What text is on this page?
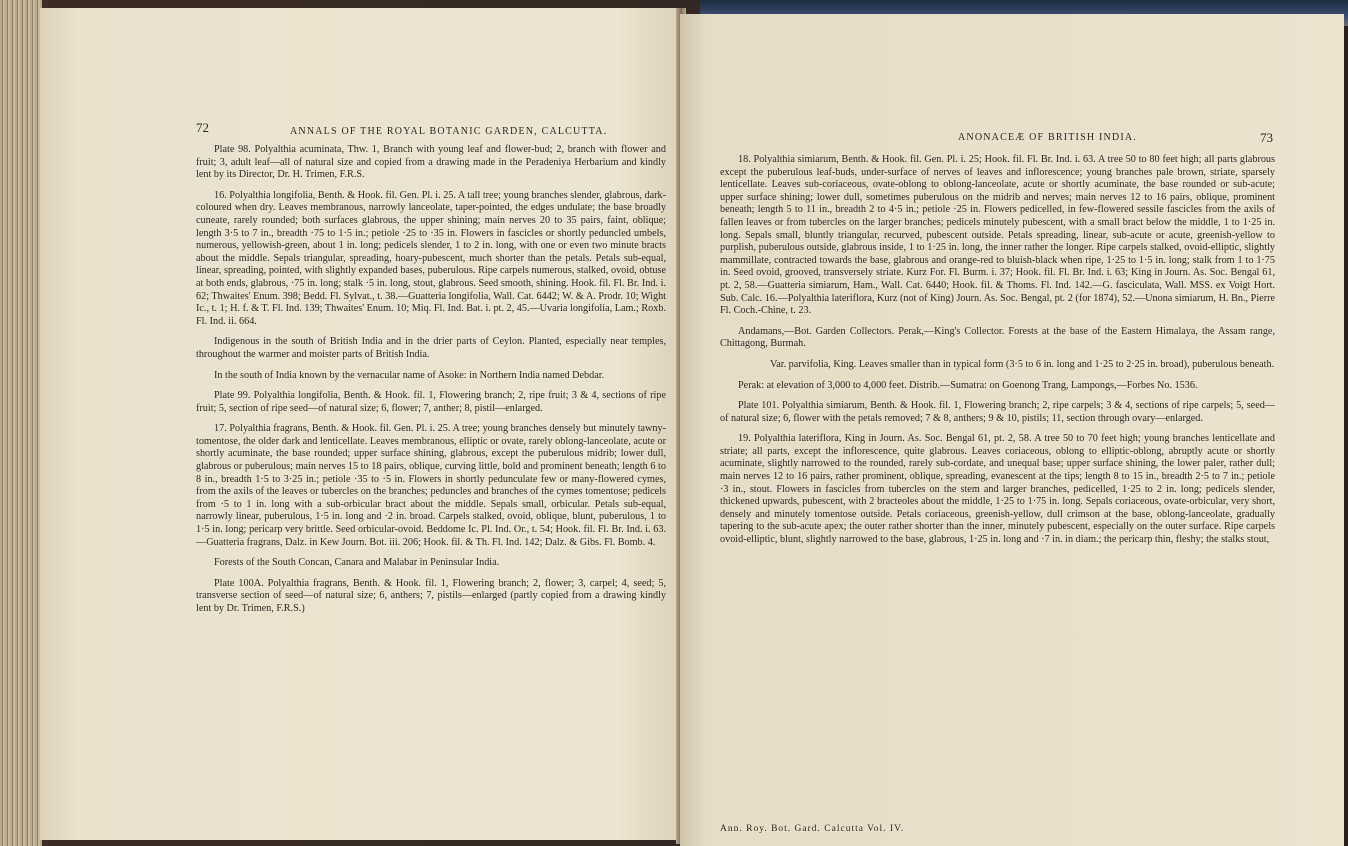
72	ANNALS OF THE ROYAL BOTANIC GARDEN, CALCUTTA.

Plate 98. Polyalthia acuminata, Thw. 1, Branch with young leaf and flower-bud; 2, branch with flower and fruit; 3, adult leaf—all of natural size and copied from a drawing made in the Peradeniya Herbarium and kindly lent by its Director, Dr. H. Trimen, F.R.S.

16. Polyalthia longifolia, Benth. & Hook. fil. Gen. Pl. i. 25. A tall tree; young branches slender, glabrous, dark-coloured when dry. Leaves membranous, narrowly lanceolate, taper-pointed, the edges undulate; the base broadly cuneate, rarely rounded; both surfaces glabrous, the upper shining; main nerves 20 to 35 pairs, faint, oblique; length 3·5 to 7 in., breadth ·75 to 1·5 in.; petiole ·25 to ·35 in. Flowers in fascicles or shortly peduncled umbels, numerous, yellowish-green, about 1 in. long; pedicels slender, 1 to 2 in. long, with one or even two minute bracts about the middle. Sepals triangular, spreading, hoary-pubescent, much shorter than the petals. Petals sub-equal, linear, spreading, pointed, with slightly expanded bases, puberulous. Ripe carpels numerous, stalked, ovoid, obtuse at both ends, glabrous, ·75 in. long; stalk ·5 in. long, stout, glabrous. Seed smooth, shining. Hook. fil. Fl. Br. Ind. i. 62; Thwaites' Enum. 398; Bedd. Fl. Sylvat., t. 38.—Guatteria longifolia, Wall. Cat. 6442; W. & A. Prodr. 10; Wight Ic., t. 1; H. f. & T. Fl. Ind. 139; Thwaites' Enum. 10; Miq. Fl. Ind. Bat. i. pt. 2, 45.—Uvaria longifolia, Lam.; Roxb. Fl. Ind. ii. 664.

Indigenous in the south of British India and in the drier parts of Ceylon. Planted, especially near temples, throughout the warmer and moister parts of British India.

In the south of India known by the vernacular name of Asoke: in Northern India named Debdar.

Plate 99. Polyalthia longifolia, Benth. & Hook. fil. 1, Flowering branch; 2, ripe fruit; 3 & 4, sections of ripe fruit; 5, section of ripe seed—of natural size; 6, flower; 7, anther; 8, pistil—enlarged.

17. Polyalthia fragrans, Benth. & Hook. fil. Gen. Pl. i. 25. A tree; young branches densely but minutely tawny-tomentose, the older dark and lenticellate. Leaves membranous, elliptic or ovate, rarely oblong-lanceolate, acute or shortly acuminate, the base rounded; upper surface shining, glabrous, except the puberulous midrib; lower dull, glabrous or puberulous; main nerves 15 to 18 pairs, oblique, curving little, bold and prominent beneath; length 6 to 8 in., breadth 1·5 to 3·25 in.; petiole ·35 to ·5 in. Flowers in shortly pedunculate few or many-flowered cymes, from the axils of the leaves or tubercles on the branches; peduncles and branches of the cymes tomentose; pedicels from ·5 to 1 in. long with a sub-orbicular bract about the middle. Sepals small, orbicular. Petals sub-equal, narrowly linear, puberulous, 1·5 in. long and ·2 in. broad. Carpels stalked, ovoid, oblique, blunt, puberulous, 1 to 1·5 in. long; pericarp very brittle. Seed orbicular-ovoid. Beddome Ic. Pl. Ind. Or., t. 54; Hook. fil. Fl. Br. Ind. i. 63.—Guatteria fragrans, Dalz. in Kew Journ. Bot. iii. 206; Hook. fil. & Th. Fl. Ind. 142; Dalz. & Gibs. Fl. Bomb. 4.

Forests of the South Concan, Canara and Malabar in Peninsular India.

Plate 100A. Polyalthia fragrans, Benth. & Hook. fil. 1, Flowering branch; 2, flower; 3, carpel; 4, seed; 5, transverse section of seed—of natural size; 6, anthers; 7, pistils—enlarged (partly copied from a drawing kindly lent by Dr. Trimen, F.R.S.)

ANONACEÆ OF BRITISH INDIA.	73

18. Polyalthia simiarum, Benth. & Hook. fil. Gen. Pl. i. 25; Hook. fil. Fl. Br. Ind. i. 63. A tree 50 to 80 feet high; all parts glabrous except the puberulous leaf-buds, under-surface of nerves of leaves and inflorescence; young branches pale brown, striate, sparsely lenticellate. Leaves sub-coriaceous, ovate-oblong to oblong-lanceolate, acute or shortly acuminate, the base rounded or sub-acute; upper surface shining; lower dull, sometimes puberulous on the midrib and nerves; main nerves 12 to 16 pairs, oblique, prominent beneath; length 5 to 11 in., breadth 2 to 4·5 in.; petiole ·25 in. Flowers pedicelled, in few-flowered sessile fascicles from the axils of fallen leaves or from tubercles on the larger branches; pedicels minutely pubescent, with a small bract below the middle, 1 to 1·25 in. long. Sepals small, bluntly triangular, recurved, pubescent outside. Petals spreading, linear, sub-acute or acute, greenish-yellow to purplish, puberulous outside, glabrous inside, 1 to 1·25 in. long, the inner rather the longer. Ripe carpels stalked, ovoid-elliptic, slightly mammillate, contracted towards the base, glabrous and orange-red to bluish-black when ripe, 1·25 to 1·5 in. long; stalk from 1 to 1·75 in. Seed ovoid, grooved, transversely striate. Kurz For. Fl. Burm. i. 37; Hook. fil. Fl. Br. Ind. i. 63; King in Journ. As. Soc. Bengal 61, pt. 2, 58.—Guatteria simiarum, Ham., Wall. Cat. 6440; Hook. fil. & Thoms. Fl. Ind. 142.—G. fasciculata, Wall. MSS. ex Voigt Hort. Sub. Calc. 16.—Polyalthia lateriflora, Kurz (not of King) Journ. As. Soc. Bengal, pt. 2 (for 1874), 52.—Unona simiarum, H. Bn., Pierre Fl. Coch.-Chine, t. 23.

Andamans,—Bot. Garden Collectors. Perak,—King's Collector. Forests at the base of the Eastern Himalaya, the Assam range, Chittagong, Burmah.

Var. parvifolia, King. Leaves smaller than in typical form (3·5 to 6 in. long and 1·25 to 2·25 in. broad), puberulous beneath.

Perak: at elevation of 3,000 to 4,000 feet. Distrib.—Sumatra: on Goenong Trang, Lampongs,—Forbes No. 1536.

Plate 101. Polyalthia simiarum, Benth. & Hook. fil. 1, Flowering branch; 2, ripe carpels; 3 & 4, sections of ripe carpels; 5, seed—of natural size; 6, flower with the petals removed; 7 & 8, anthers; 9 & 10, pistils; 11, section through ovary—enlarged.

19. Polyalthia lateriflora, King in Journ. As. Soc. Bengal 61, pt. 2, 58. A tree 50 to 70 feet high; young branches lenticellate and striate; all parts, except the inflorescence, quite glabrous. Leaves coriaceous, oblong to elliptic-oblong, abruptly acute or shortly acuminate, slightly narrowed to the rounded, rarely sub-cordate, and unequal base; upper surface shining, the lower paler, rather dull; main nerves 12 to 16 pairs, rather prominent, oblique, spreading, evanescent at the tips; length 8 to 15 in., breadth 2·5 to 7 in.; petiole ·3 in., stout. Flowers in fascicles from tubercles on the stem and larger branches, pedicelled, 1·25 to 2 in. long; pedicels slender, thickened upwards, pubescent, with 2 bracteoles about the middle, 1·25 to 1·75 in. long. Sepals coriaceous, ovate-orbicular, very short, densely and minutely tomentose outside. Petals coriaceous, greenish-yellow, dull crimson at the base, oblong-lanceolate, gradually tapering to the sub-acute apex; the outer rather shorter than the inner, minutely pubescent, especially on the outer surface. Ripe carpels ovoid-elliptic, blunt, slightly narrowed to the base, glabrous, 1·25 in. long and ·7 in. in diam.; the pericarp thin, fleshy; the stalks stout,

Ann. Roy. Bot. Gard. Calcutta Vol. IV.
